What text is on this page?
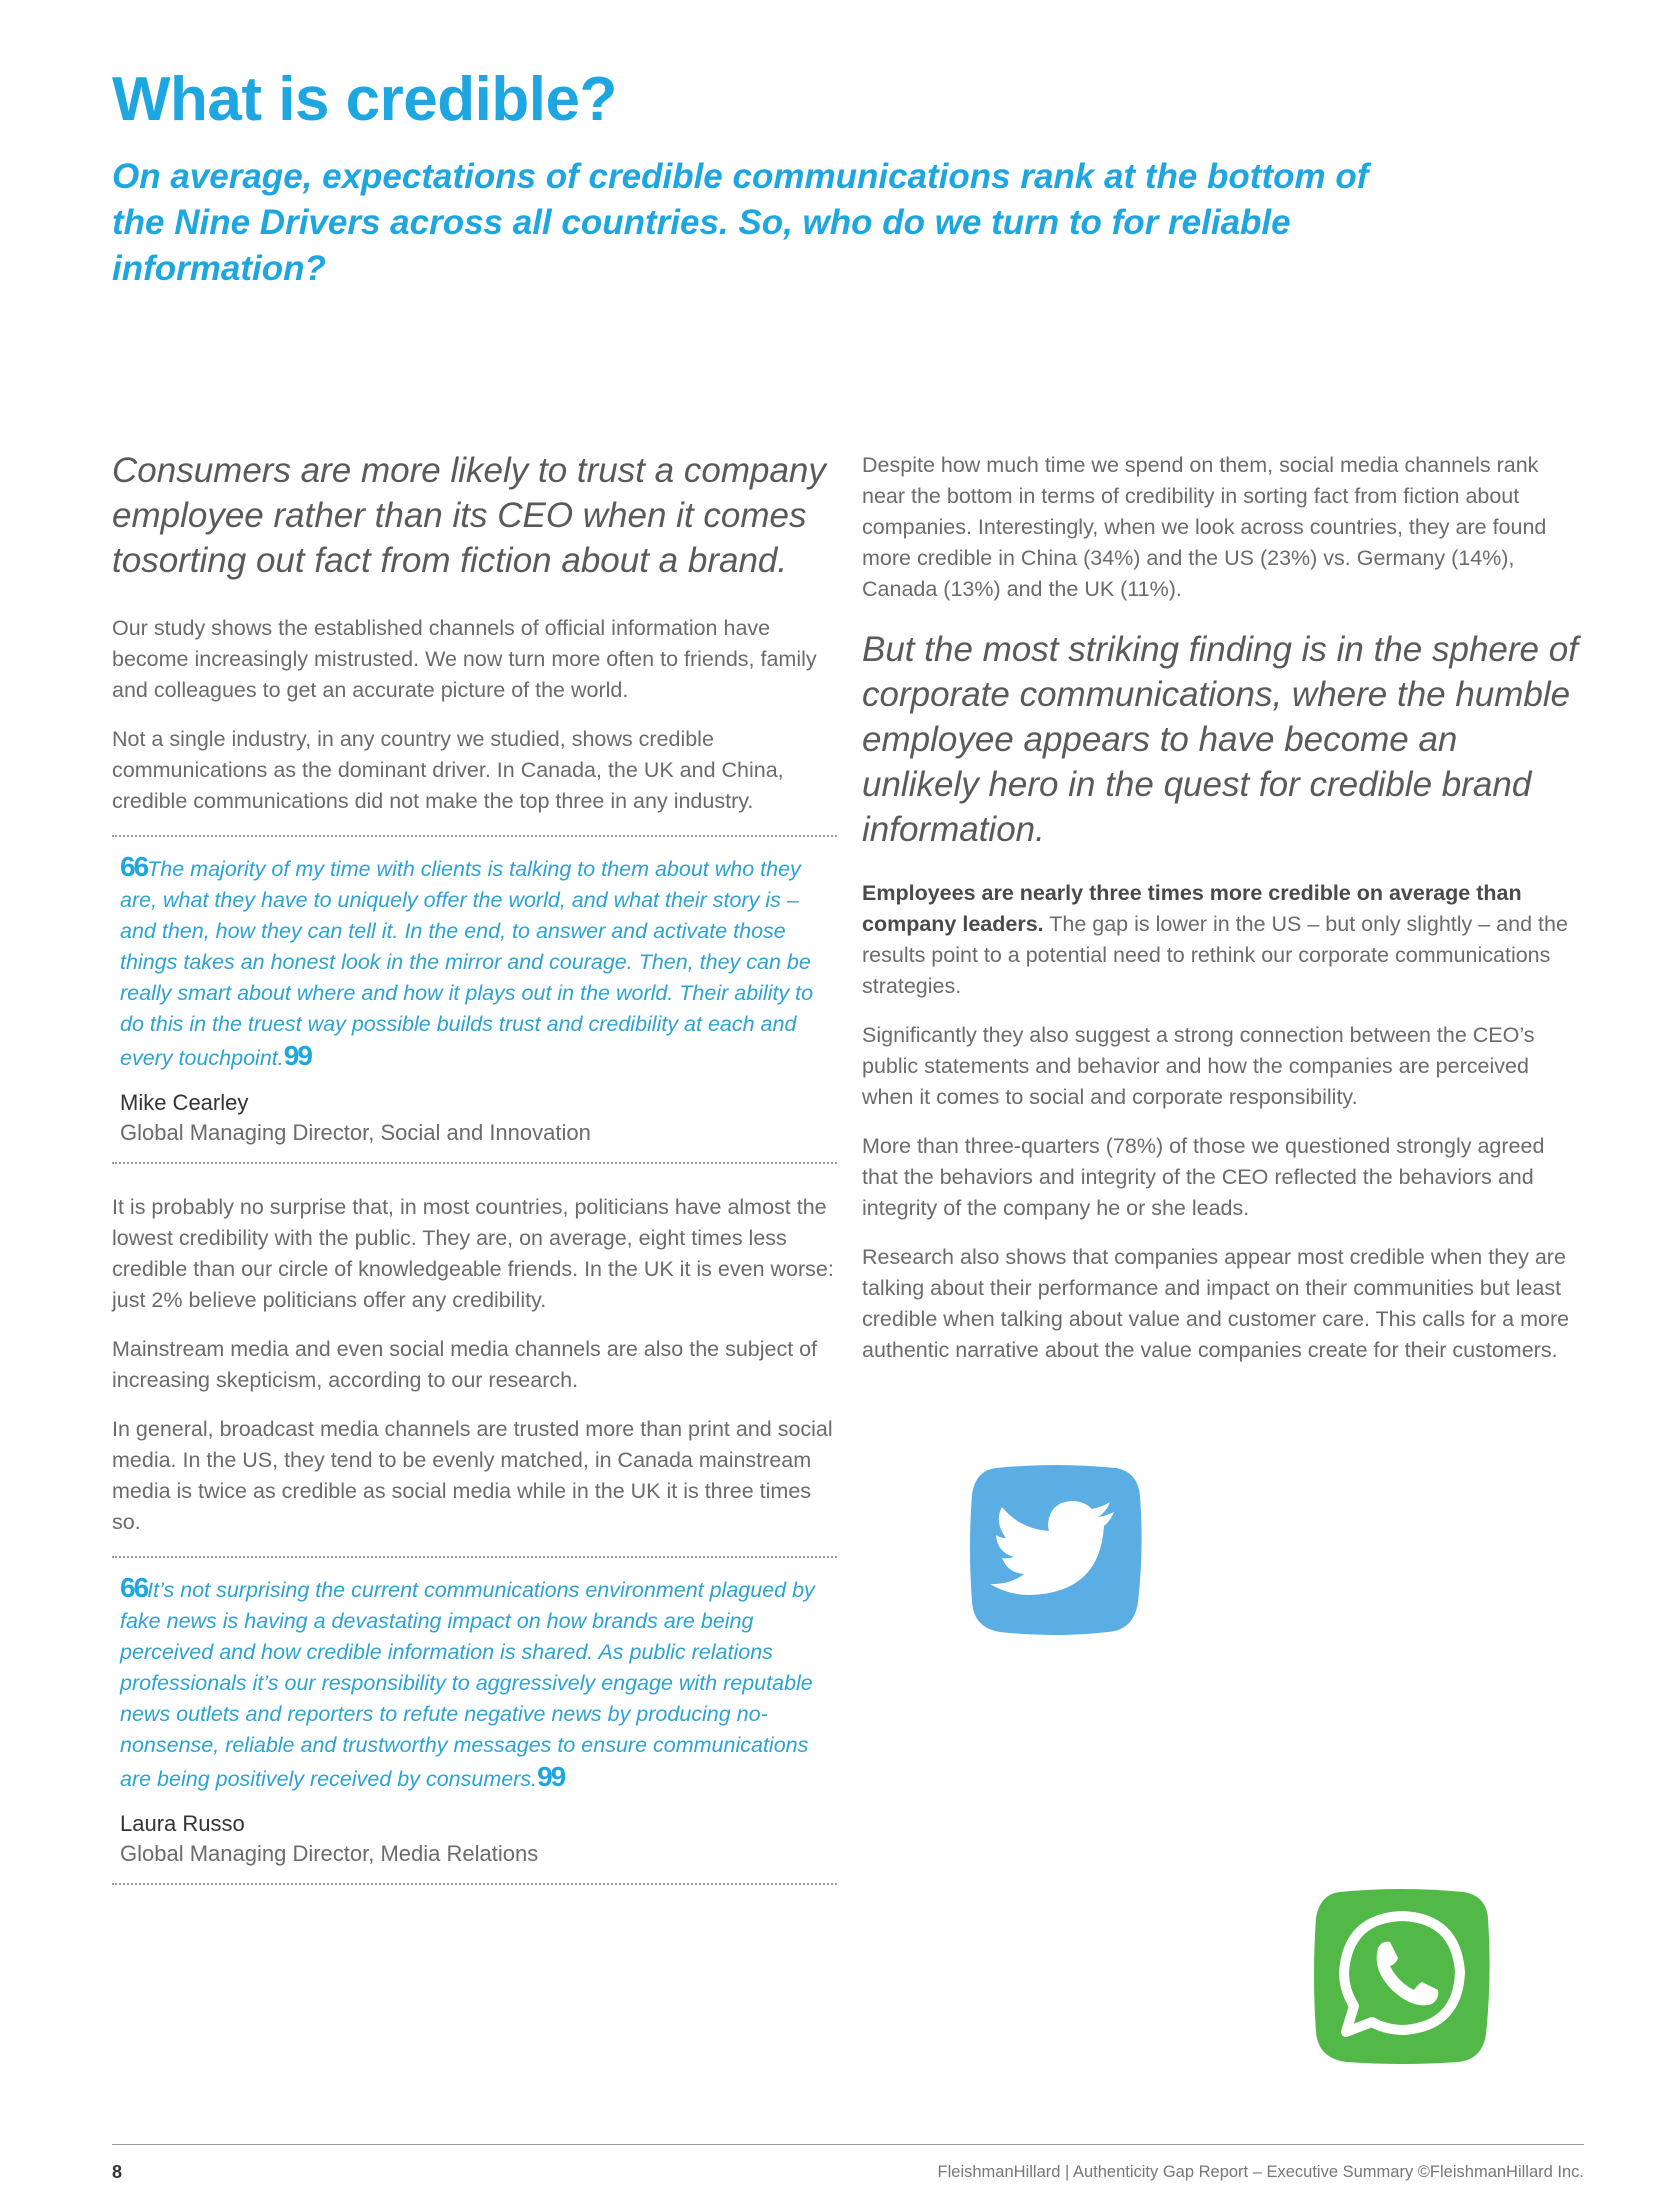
What is credible?

On average, expectations of credible communications rank at the bottom of the Nine Drivers across all countries. So, who do we turn to for reliable information?

Consumers are more likely to trust a company employee rather than its CEO when it comes tosorting out fact from fiction about a brand.

Our study shows the established channels of official information have become increasingly mistrusted. We now turn more often to friends, family and colleagues to get an accurate picture of the world.

Not a single industry, in any country we studied, shows credible communications as the dominant driver. In Canada, the UK and China, credible communications did not make the top three in any industry.

66The majority of my time with clients is talking to them about who they are, what they have to uniquely offer the world, and what their story is – and then, how they can tell it. In the end, to answer and activate those things takes an honest look in the mirror and courage. Then, they can be really smart about where and how it plays out in the world. Their ability to do this in the truest way possible builds trust and credibility at each and every touchpoint.99

Mike Cearley

Global Managing Director, Social and Innovation

It is probably no surprise that, in most countries, politicians have almost the lowest credibility with the public. They are, on average, eight times less credible than our circle of knowledgeable friends. In the UK it is even worse: just 2% believe politicians offer any credibility.

Mainstream media and even social media channels are also the subject of increasing skepticism, according to our research.

In general, broadcast media channels are trusted more than print and social media. In the US, they tend to be evenly matched, in Canada mainstream media is twice as credible as social media while in the UK it is three times so.

66It’s not surprising the current communications environment plagued by fake news is having a devastating impact on how brands are being perceived and how credible information is shared. As public relations professionals it’s our responsibility to aggressively engage with reputable news outlets and reporters to refute negative news by producing no-nonsense, reliable and trustworthy messages to ensure communications are being positively received by consumers.99

Laura Russo

Global Managing Director, Media Relations

Despite how much time we spend on them, social media channels rank near the bottom in terms of credibility in sorting fact from fiction about companies. Interestingly, when we look across countries, they are found more credible in China (34%) and the US (23%) vs. Germany (14%), Canada (13%) and the UK (11%).

But the most striking finding is in the sphere of corporate communications, where the humble employee appears to have become an unlikely hero in the quest for credible brand information.

Employees are nearly three times more credible on average than company leaders. The gap is lower in the US – but only slightly – and the results point to a potential need to rethink our corporate communications strategies.

Significantly they also suggest a strong connection between the CEO’s public statements and behavior and how the companies are perceived when it comes to social and corporate responsibility.

More than three-quarters (78%) of those we questioned strongly agreed that the behaviors and integrity of the CEO reflected the behaviors and integrity of the company he or she leads.

Research also shows that companies appear most credible when they are talking about their performance and impact on their communities but least credible when talking about value and customer care. This calls for a more authentic narrative about the value companies create for their customers.

8	FleishmanHillard | Authenticity Gap Report – Executive Summary ©FleishmanHillard Inc.
